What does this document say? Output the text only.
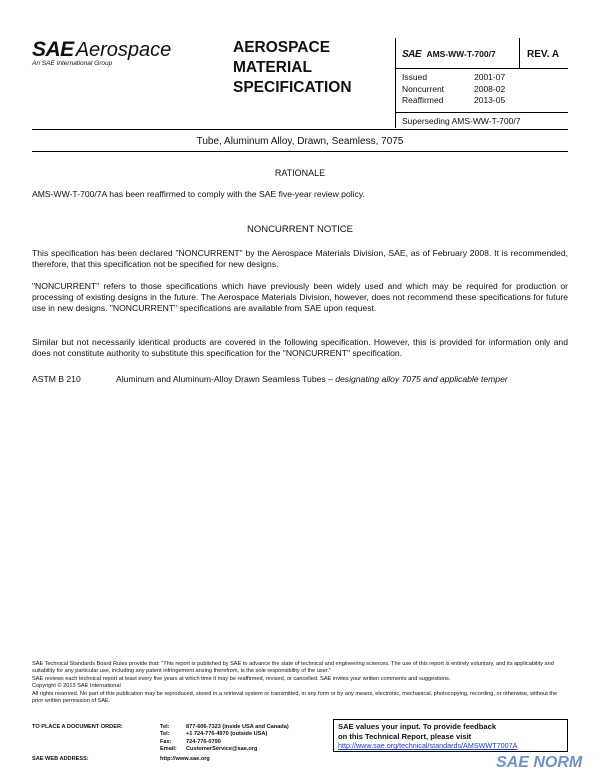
SAE Aerospace
An SAE International Group
AEROSPACE
MATERIAL
SPECIFICATION
SAE AMS-WW-T-700/7	REV. A
Issued	2001-07
Noncurrent	2008-02
Reaffirmed	2013-05
Superseding AMS-WW-T-700/7
Tube, Aluminum Alloy, Drawn, Seamless, 7075
RATIONALE
AMS-WW-T-700/7A has been reaffirmed to comply with the SAE five-year review policy.
NONCURRENT NOTICE
This specification has been declared "NONCURRENT" by the Aerospace Materials Division, SAE, as of February 2008. It is recommended, therefore, that this specification not be specified for new designs.
"NONCURRENT" refers to those specifications which have previously been widely used and which may be required for production or processing of existing designs in the future. The Aerospace Materials Division, however, does not recommend these specifications for future use in new designs. "NONCURRENT" specifications are available from SAE upon request.
Similar but not necessarily identical products are covered in the following specification. However, this is provided for information only and does not constitute authority to substitute this specification for the "NONCURRENT" specification.
ASTM B 210	Aluminum and Aluminum-Alloy Drawn Seamless Tubes – designating alloy 7075 and applicable temper
SAE Technical Standards Board Rules provide that: "This report is published by SAE to advance the state of technical and engineering sciences. The use of this report is entirely voluntary, and its applicability and suitability for any particular use, including any patent infringement arising therefrom, is the sole responsibility of the user."
SAE reviews each technical report at least every five years at which time it may be reaffirmed, revised, or cancelled. SAE invites your written comments and suggestions.
Copyright © 2013 SAE International
All rights reserved. No part of this publication may be reproduced, stored in a retrieval system or transmitted, in any form or by any means, electronic, mechanical, photocopying, recording, or otherwise, without the prior written permission of SAE.
TO PLACE A DOCUMENT ORDER:	Tel:	877-606-7323 (inside USA and Canada)
Tel:	+1 724-776-4970 (outside USA)
Fax:	724-776-0790
Email:	CustomerService@sae.org
SAE WEB ADDRESS:	http://www.sae.org
SAE values your input. To provide feedback
on this Technical Report, please visit
http://www.sae.org/technical/standards/AMSWWT7007A
SAE NORM
